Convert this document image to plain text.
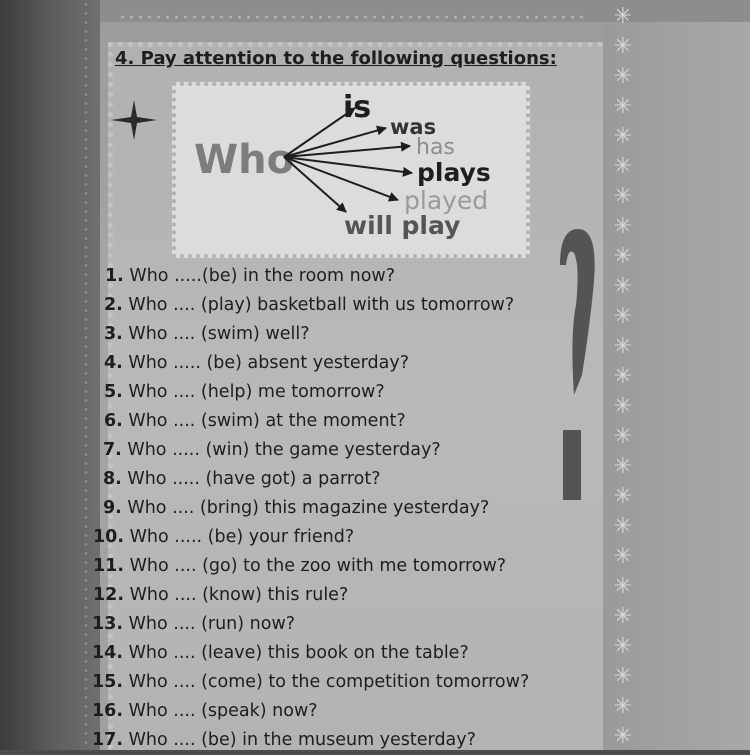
✳
✳
✳
✳
✳
✳
✳
✳
✳
✳
✳
✳
✳
✳
✳
✳
✳
✳
✳
✳
✳
✳
✳
✳
✳
4. Pay attention to the following questions:
Who
is
was
has
plays
played
will play
1. Who .....(be) in the room now?
2. Who .... (play) basketball with us tomorrow?
3. Who .... (swim) well?
4. Who ..... (be) absent yesterday?
5. Who .... (help) me tomorrow?
6. Who .... (swim) at the moment?
7. Who ..... (win) the game yesterday?
8. Who ..... (have got) a parrot?
9. Who .... (bring) this magazine yesterday?
10. Who ..... (be) your friend?
11. Who .... (go) to the zoo with me tomorrow?
12. Who .... (know) this rule?
13. Who .... (run) now?
14. Who .... (leave) this book on the table?
15. Who .... (come) to the competition tomorrow?
16. Who .... (speak) now?
17. Who .... (be) in the museum yesterday?
